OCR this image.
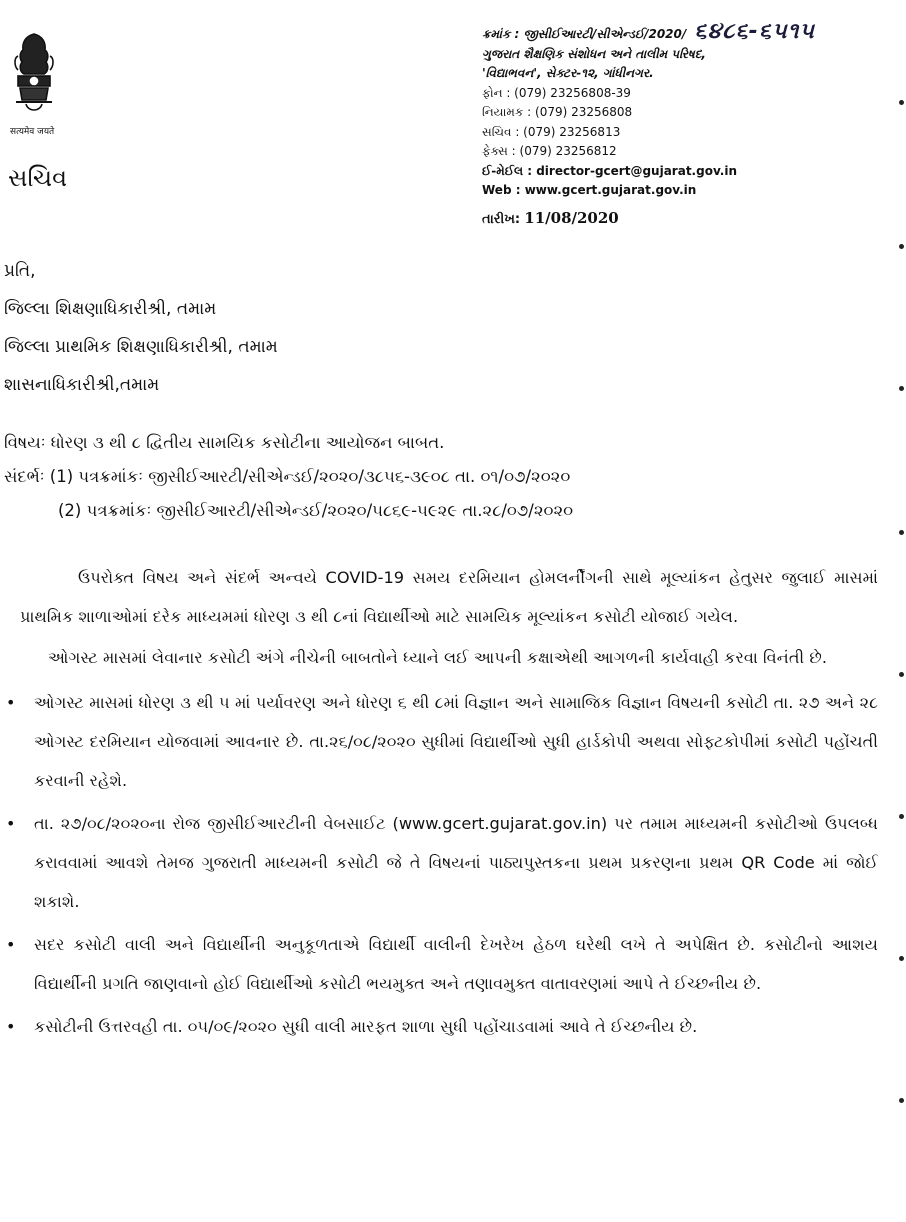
सत्यमेव जयते
સચિવ
ક્રમાંક : જીસીઈઆરટી/સીએન્ડઈ/2020/ ૬૪૮૬-૬૫૧૫
ગુજરાત શૈક્ષણિક સંશોધન અને તાલીમ પરિષદ,
'વિદ્યાભવન', સેક્ટર-૧૨, ગાંધીનગર.
ફોન : (079) 23256808-39
નિયામક : (079) 23256808
સચિવ : (079) 23256813
ફેક્સ : (079) 23256812
ઈ-મેઈલ : director-gcert@gujarat.gov.in
Web : www.gcert.gujarat.gov.in
તારીખ: 11/08/2020
પ્રતિ,
જિલ્લા શિક્ષણાધિકારીશ્રી, તમામ
જિલ્લા પ્રાથમિક શિક્ષણાધિકારીશ્રી, તમામ
શાસનાધિકારીશ્રી,તમામ
વિષયઃ ધોરણ ૩ થી ૮ દ્વિતીય સામયિક કસોટીના આયોજન બાબત.
સંદર્ભઃ (1) પત્રક્રમાંકઃ જીસીઈઆરટી/સીએન્ડઈ/૨૦૨૦/૩૮૫૬-૩૯૦૮ તા. ૦૧/૦૭/૨૦૨૦
(2) પત્રક્રમાંકઃ જીસીઈઆરટી/સીએન્ડઈ/૨૦૨૦/૫૮૬૯-૫૯૨૯ તા.૨૮/૦૭/૨૦૨૦
ઉપરોક્ત વિષય અને સંદર્ભ અન્વયે COVID-19 સમય દરમિયાન હોમલર્નીંગની સાથે મૂલ્યાંકન હેતુસર જુલાઈ માસમાં પ્રાથમિક શાળાઓમાં દરેક માધ્યમમાં ધોરણ ૩ થી ૮નાં વિદ્યાર્થીઓ માટે સામયિક મૂલ્યાંકન કસોટી યોજાઈ ગયેલ.
ઓગસ્ટ માસમાં લેવાનાર કસોટી અંગે નીચેની બાબતોને ધ્યાને લઈ આપની કક્ષાએથી આગળની કાર્યવાહી કરવા વિનંતી છે.
• ઓગસ્ટ માસમાં ધોરણ ૩ થી ૫ માં પર્યાવરણ અને ધોરણ ૬ થી ૮માં વિજ્ઞાન અને સામાજિક વિજ્ઞાન વિષયની કસોટી તા. ૨૭ અને ૨૮ ઓગસ્ટ દરમિયાન યોજવામાં આવનાર છે. તા.૨૬/૦૮/૨૦૨૦ સુધીમાં વિદ્યાર્થીઓ સુધી હાર્ડકોપી અથવા સોફ્ટકોપીમાં કસોટી પહોંચતી કરવાની રહેશે.
• તા. ૨૭/૦૮/૨૦૨૦ના રોજ જીસીઈઆરટીની વેબસાઈટ (www.gcert.gujarat.gov.in) પર તમામ માધ્યમની કસોટીઓ ઉપલબ્ધ કરાવવામાં આવશે તેમજ ગુજરાતી માધ્યમની કસોટી જે તે વિષયનાં પાઠ્યપુસ્તકના પ્રથમ પ્રકરણના પ્રથમ QR Code માં જોઈ શકાશે.
• સદર કસોટી વાલી અને વિદ્યાર્થીની અનુકૂળતાએ વિદ્યાર્થી વાલીની દેખરેખ હેઠળ ઘરેથી લખે તે અપેક્ષિત છે. કસોટીનો આશય વિદ્યાર્થીની પ્રગતિ જાણવાનો હોઈ વિદ્યાર્થીઓ કસોટી ભયમુક્ત અને તણાવમુક્ત વાતાવરણમાં આપે તે ઈચ્છનીય છે.
• કસોટીની ઉત્તરવહી તા. ૦૫/૦૯/૨૦૨૦ સુધી વાલી મારફત શાળા સુધી પહોંચાડવામાં આવે તે ઈચ્છનીય છે.
